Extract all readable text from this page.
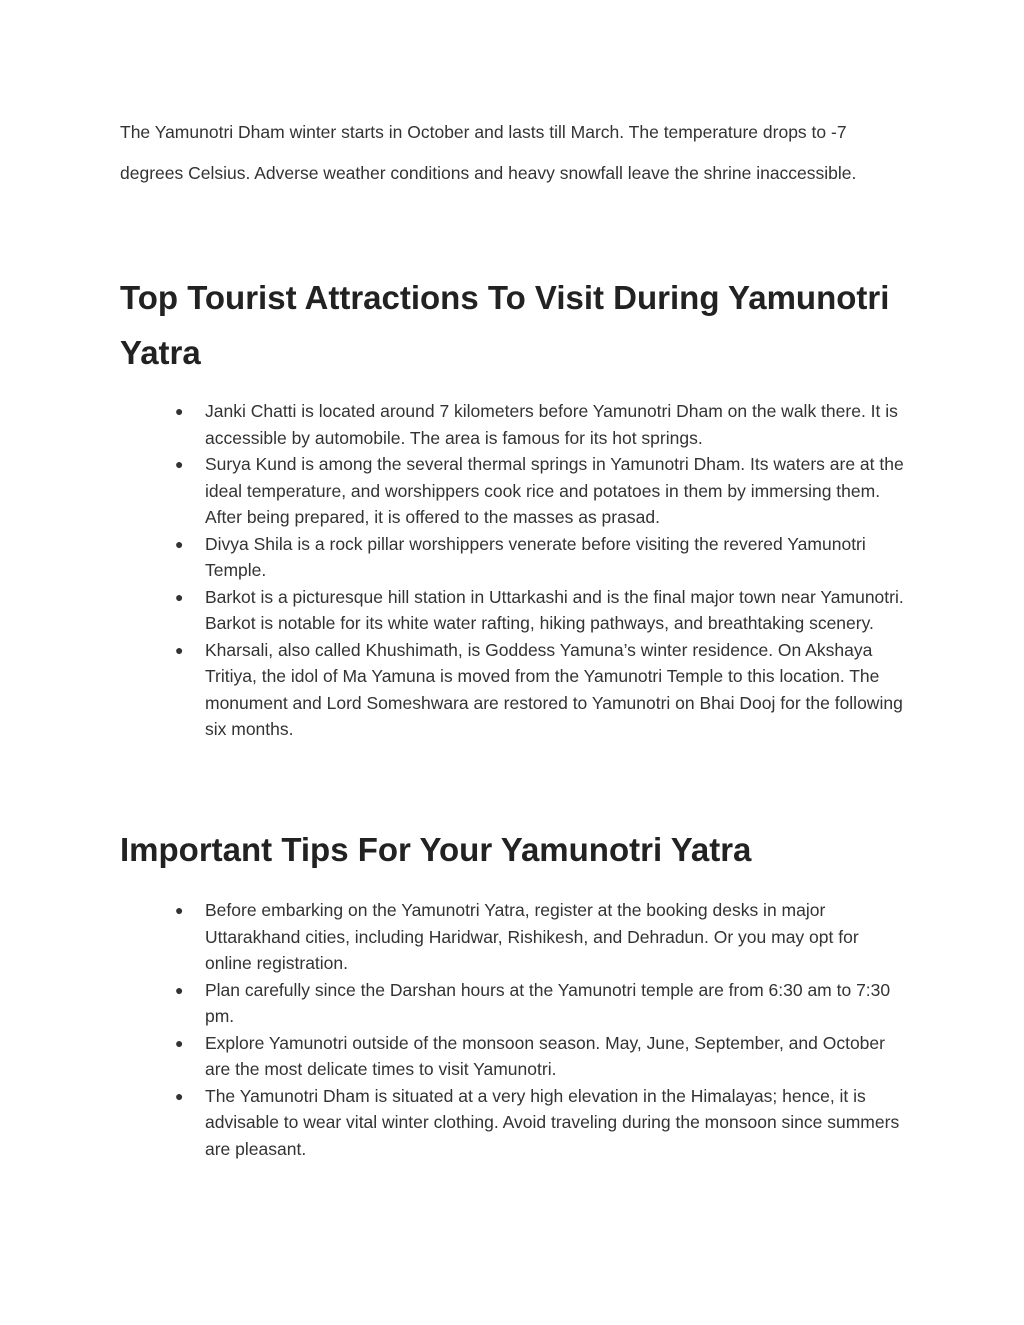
The Yamunotri Dham winter starts in October and lasts till March. The temperature drops to -7 degrees Celsius. Adverse weather conditions and heavy snowfall leave the shrine inaccessible.

Top Tourist Attractions To Visit During Yamunotri Yatra
● Janki Chatti is located around 7 kilometers before Yamunotri Dham on the walk there. It is accessible by automobile. The area is famous for its hot springs.
● Surya Kund is among the several thermal springs in Yamunotri Dham. Its waters are at the ideal temperature, and worshippers cook rice and potatoes in them by immersing them. After being prepared, it is offered to the masses as prasad.
● Divya Shila is a rock pillar worshippers venerate before visiting the revered Yamunotri Temple.
● Barkot is a picturesque hill station in Uttarkashi and is the final major town near Yamunotri. Barkot is notable for its white water rafting, hiking pathways, and breathtaking scenery.
● Kharsali, also called Khushimath, is Goddess Yamuna’s winter residence. On Akshaya Tritiya, the idol of Ma Yamuna is moved from the Yamunotri Temple to this location. The monument and Lord Someshwara are restored to Yamunotri on Bhai Dooj for the following six months.
Important Tips For Your Yamunotri Yatra
● Before embarking on the Yamunotri Yatra, register at the booking desks in major Uttarakhand cities, including Haridwar, Rishikesh, and Dehradun. Or you may opt for online registration.
● Plan carefully since the Darshan hours at the Yamunotri temple are from 6:30 am to 7:30 pm.
● Explore Yamunotri outside of the monsoon season. May, June, September, and October are the most delicate times to visit Yamunotri.
● The Yamunotri Dham is situated at a very high elevation in the Himalayas; hence, it is advisable to wear vital winter clothing. Avoid traveling during the monsoon since summers are pleasant.
